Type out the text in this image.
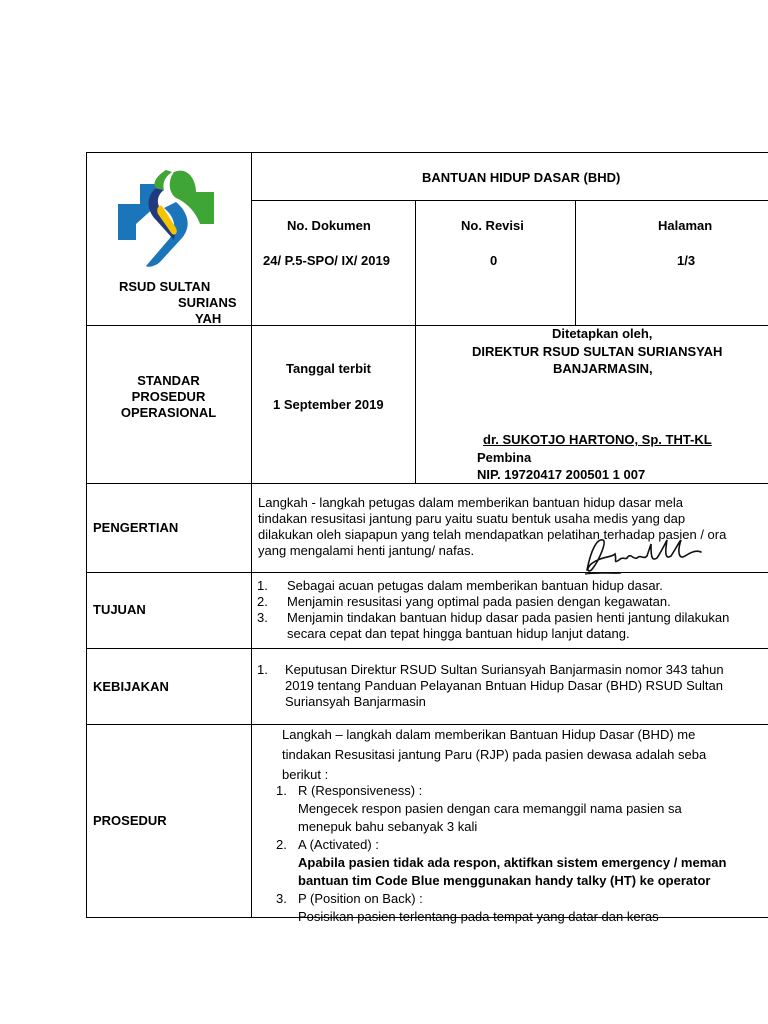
RSUD SULTAN
SURIANS
YAH
BANTUAN HIDUP DASAR (BHD)
No. Dokumen
24/ P.5-SPO/ IX/ 2019
No. Revisi
0
Halaman
1/3
STANDAR
PROSEDUR
OPERASIONAL
Tanggal terbit
1 September 2019
Ditetapkan oleh,
DIREKTUR RSUD SULTAN SURIANSYAH
BANJARMASIN,
dr. SUKOTJO HARTONO, Sp. THT-KL
Pembina
NIP. 19720417 200501 1 007
PENGERTIAN
Langkah - langkah petugas dalam memberikan bantuan hidup dasar mela
tindakan resusitasi jantung paru yaitu suatu bentuk usaha medis yang dap
dilakukan oleh siapapun yang telah mendapatkan pelatihan terhadap pasien / ora
yang mengalami henti jantung/ nafas.
TUJUAN
1. Sebagai acuan petugas dalam memberikan bantuan hidup dasar.
2. Menjamin resusitasi yang optimal pada pasien dengan kegawatan.
3. Menjamin tindakan bantuan hidup dasar pada pasien henti jantung dilakukan
secara cepat dan tepat hingga bantuan hidup lanjut datang.
KEBIJAKAN
1. Keputusan Direktur RSUD Sultan Suriansyah Banjarmasin nomor 343 tahun
2019 tentang Panduan Pelayanan Bntuan Hidup Dasar (BHD) RSUD Sultan
Suriansyah Banjarmasin
PROSEDUR
Langkah – langkah dalam memberikan Bantuan Hidup Dasar (BHD) me
tindakan Resusitasi jantung Paru (RJP) pada pasien dewasa adalah seba
berikut :
1. R (Responsiveness) :
Mengecek respon pasien dengan cara memanggil nama pasien sa
menepuk bahu sebanyak 3 kali
2. A (Activated) :
Apabila pasien tidak ada respon, aktifkan sistem emergency / meman
bantuan tim Code Blue menggunakan handy talky (HT) ke operator
3. P (Position on Back) :
Posisikan pasien terlentang pada tempat yang datar dan keras
